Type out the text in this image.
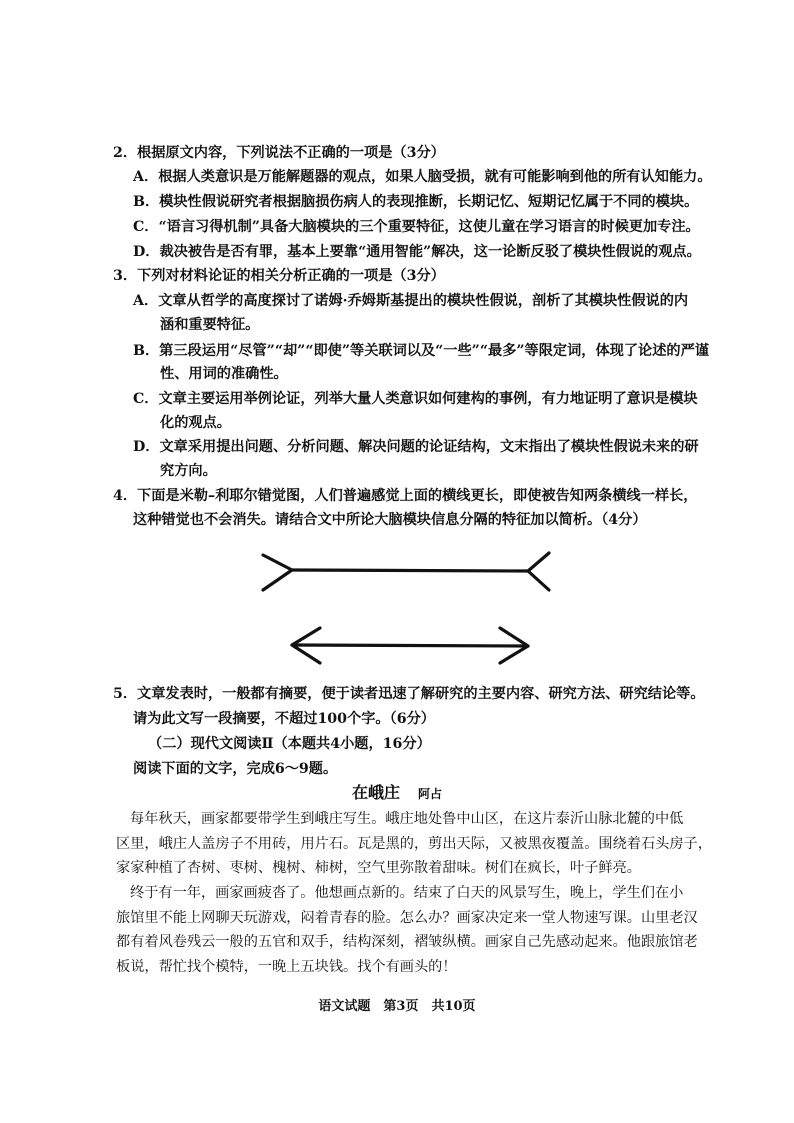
2．根据原文内容，下列说法不正确的一项是（3分）
A．根据人类意识是万能解题器的观点，如果人脑受损，就有可能影响到他的所有认知能力。
B．模块性假说研究者根据脑损伤病人的表现推断，长期记忆、短期记忆属于不同的模块。
C．“语言习得机制”具备大脑模块的三个重要特征，这使儿童在学习语言的时候更加专注。
D．裁决被告是否有罪，基本上要靠“通用智能”解决，这一论断反驳了模块性假说的观点。
3．下列对材料论证的相关分析正确的一项是（3分）
A．文章从哲学的高度探讨了诺姆·乔姆斯基提出的模块性假说，剖析了其模块性假说的内
涵和重要特征。
B．第三段运用“尽管”“却”“即使”等关联词以及“一些”“最多”等限定词，体现了论述的严谨
性、用词的准确性。
C．文章主要运用举例论证，列举大量人类意识如何建构的事例，有力地证明了意识是模块
化的观点。
D．文章采用提出问题、分析问题、解决问题的论证结构，文末指出了模块性假说未来的研
究方向。
4．下面是米勒–利耶尔错觉图，人们普遍感觉上面的横线更长，即使被告知两条横线一样长，
这种错觉也不会消失。请结合文中所论大脑模块信息分隔的特征加以简析。（4分）
5．文章发表时，一般都有摘要，便于读者迅速了解研究的主要内容、研究方法、研究结论等。
请为此文写一段摘要，不超过100个字。（6分）
（二）现代文阅读Ⅱ（本题共4小题，16分）
阅读下面的文字，完成6～9题。
在峨庄 阿占
每年秋天，画家都要带学生到峨庄写生。峨庄地处鲁中山区，在这片泰沂山脉北麓的中低
区里，峨庄人盖房子不用砖，用片石。瓦是黑的，剪出天际，又被黑夜覆盖。围绕着石头房子，
家家种植了杏树、枣树、槐树、柿树，空气里弥散着甜味。树们在疯长，叶子鲜亮。
终于有一年，画家画疲沓了。他想画点新的。结束了白天的风景写生，晚上，学生们在小
旅馆里不能上网聊天玩游戏，闷着青春的脸。怎么办？画家决定来一堂人物速写课。山里老汉
都有着风卷残云一般的五官和双手，结构深刻，褶皱纵横。画家自己先感动起来。他跟旅馆老
板说，帮忙找个模特，一晚上五块钱。找个有画头的！
语文试题　第3页　共10页
